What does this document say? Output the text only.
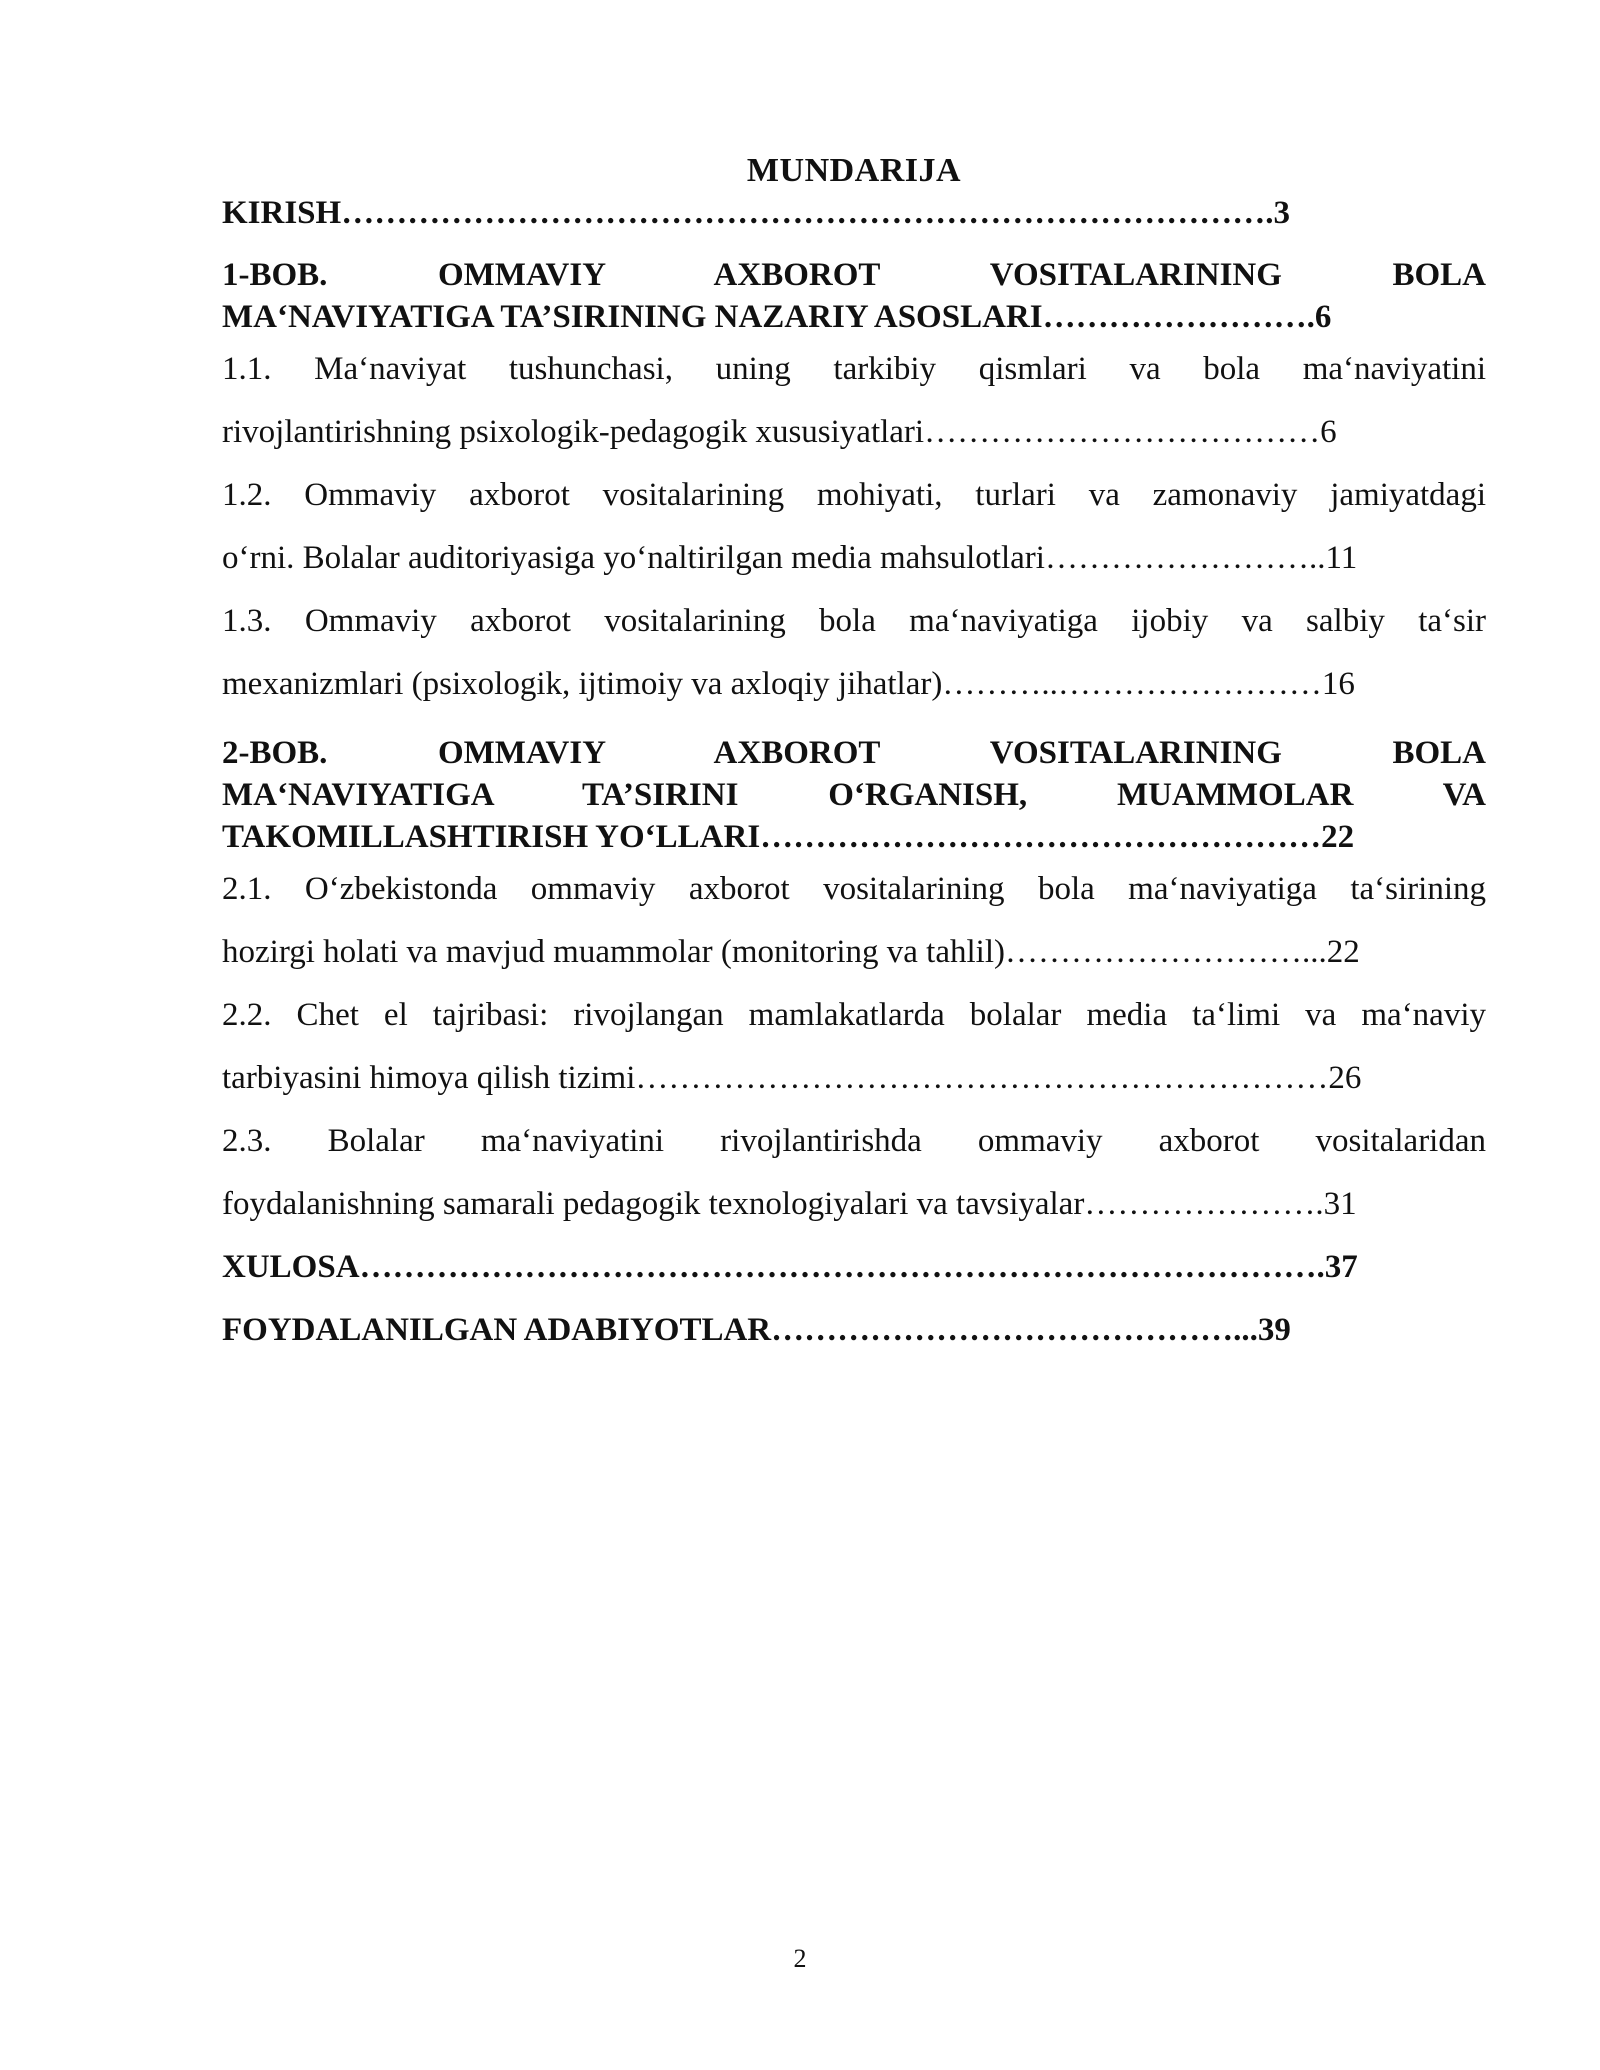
MUNDARIJA

KIRISH………………………………………………………………………….3

1-BOB. OMMAVIY AXBOROT VOSITALARINING BOLA
MA‘NAVIYATIGA TA’SIRINING NAZARIY ASOSLARI…………………….6

1.1. Ma‘naviyat tushunchasi, uning tarkibiy qismlari va bola ma‘naviyatini
rivojlantirishning psixologik-pedagogik xususiyatlari………………………………6

1.2. Ommaviy axborot vositalarining mohiyati, turlari va zamonaviy jamiyatdagi
o‘rni. Bolalar auditoriyasiga yo‘naltirilgan media mahsulotlari……………………..11

1.3. Ommaviy axborot vositalarining bola ma‘naviyatiga ijobiy va salbiy ta‘sir
mexanizmlari (psixologik, ijtimoiy va axloqiy jihatlar)………..……………………16

2-BOB. OMMAVIY AXBOROT VOSITALARINING BOLA
MA‘NAVIYATIGA TA’SIRINI O‘RGANISH, MUAMMOLAR VA
TAKOMILLASHTIRISH YO‘LLARI……………………………………………22

2.1. O‘zbekistonda ommaviy axborot vositalarining bola ma‘naviyatiga ta‘sirining
hozirgi holati va mavjud muammolar (monitoring va tahlil)………………………...22

2.2. Chet el tajribasi: rivojlangan mamlakatlarda bolalar media ta‘limi va ma‘naviy
tarbiyasini himoya qilish tizimi………………………………………………………26

2.3. Bolalar ma‘naviyatini rivojlantirishda ommaviy axborot vositalaridan
foydalanishning samarali pedagogik texnologiyalari va tavsiyalar………………….31

XULOSA…………………………………………………………………………….37

FOYDALANILGAN ADABIYOTLAR……………………………………...39

2
